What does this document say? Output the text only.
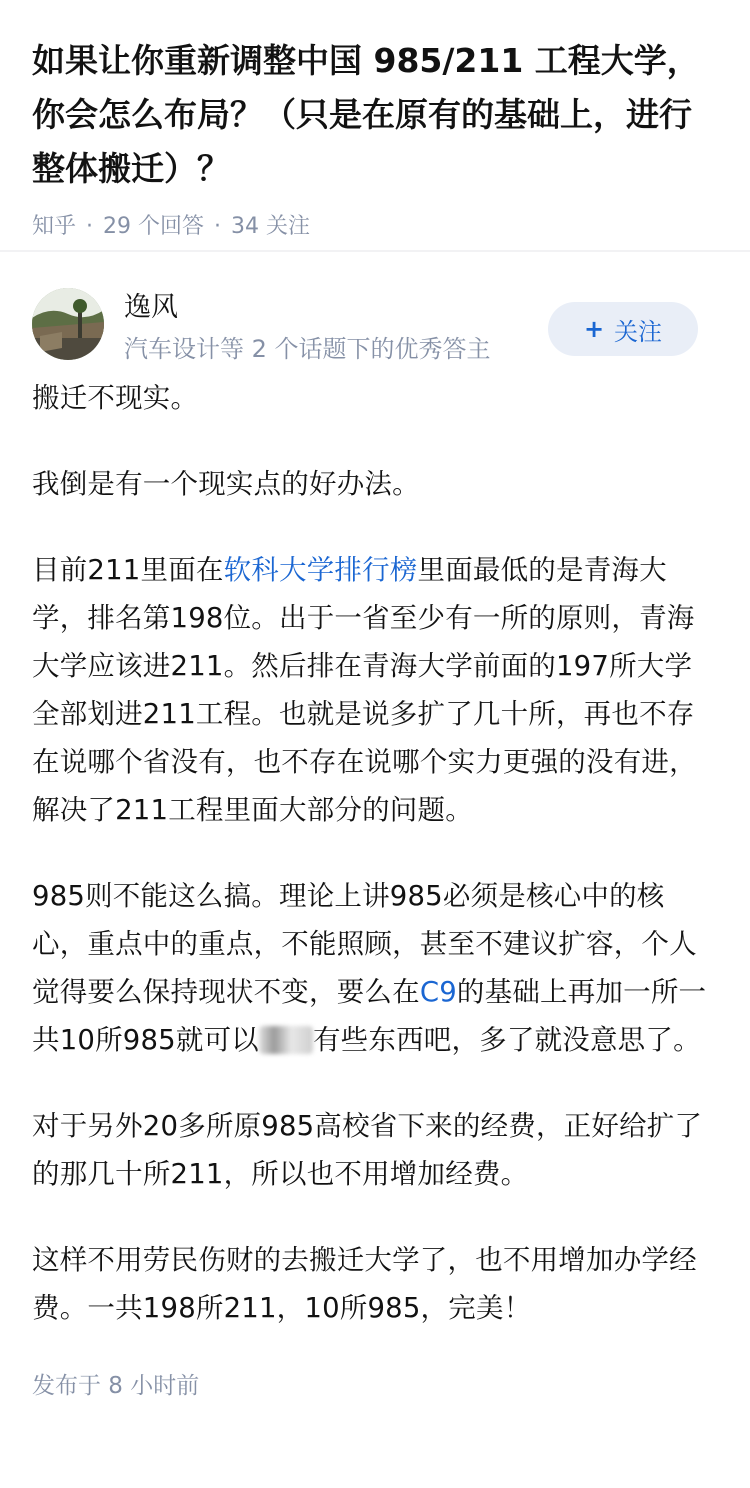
如果让你重新调整中国 985/211 工程大学，你会怎么布局？（只是在原有的基础上，进行整体搬迁）？
知乎 · 29 个回答 · 34 关注
逸风
汽车设计等 2 个话题下的优秀答主
+ 关注

搬迁不现实。

我倒是有一个现实点的好办法。

目前211里面在软科大学排行榜里面最低的是青海大学，排名第198位。出于一省至少有一所的原则，青海大学应该进211。然后排在青海大学前面的197所大学全部划进211工程。也就是说多扩了几十所，再也不存在说哪个省没有，也不存在说哪个实力更强的没有进，解决了211工程里面大部分的问题。

985则不能这么搞。理论上讲985必须是核心中的核心，重点中的重点，不能照顾，甚至不建议扩容，个人觉得要么保持现状不变，要么在C9的基础上再加一所一共10所985就可以 有些东西吧，多了就没意思了。

对于另外20多所原985高校省下来的经费，正好给扩了的那几十所211，所以也不用增加经费。

这样不用劳民伤财的去搬迁大学了，也不用增加办学经费。一共198所211，10所985，完美！

发布于 8 小时前
